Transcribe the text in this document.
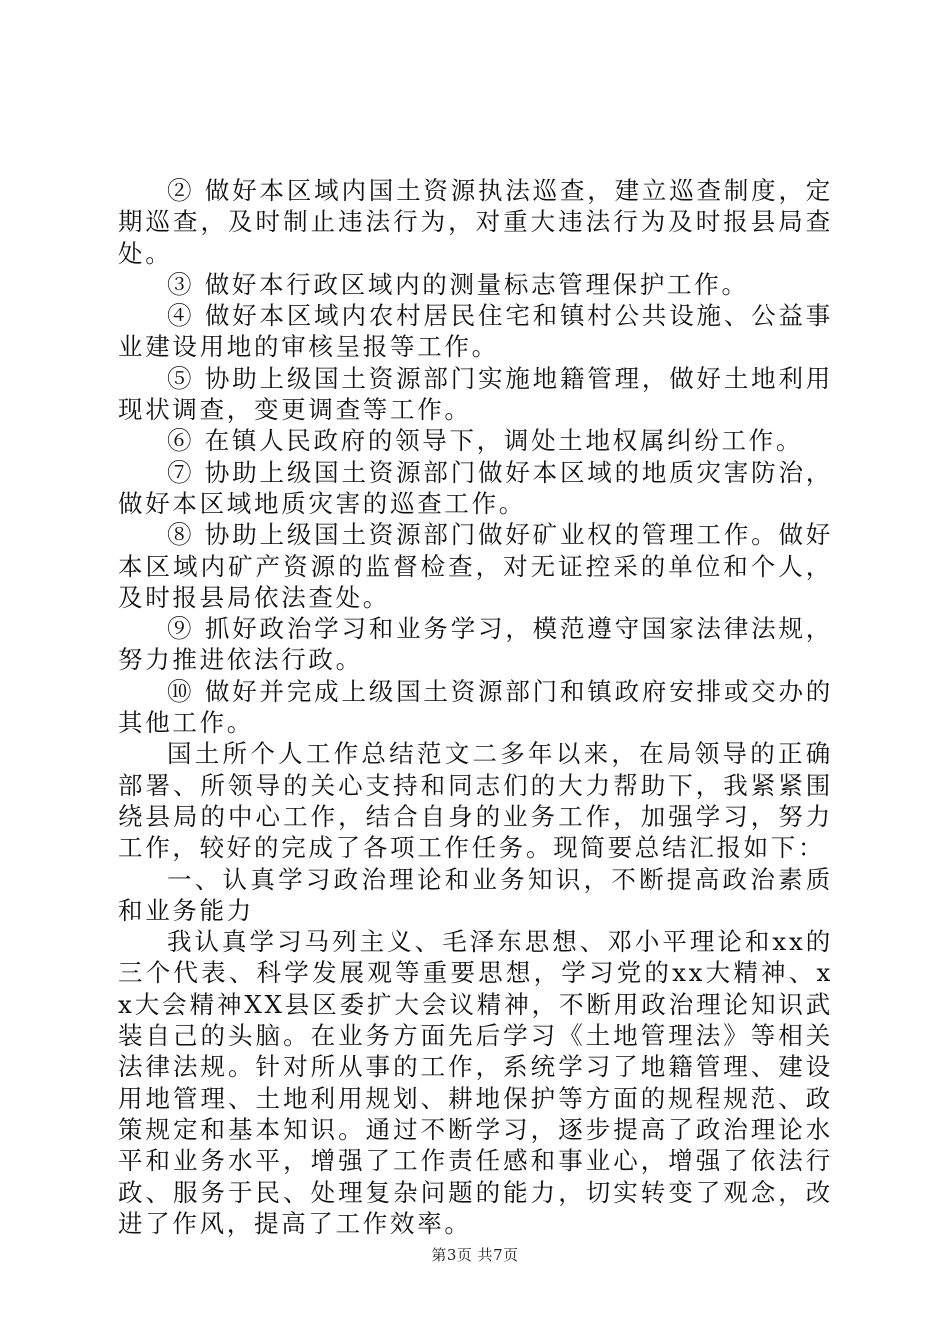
② 做好本区域内国土资源执法巡查，建立巡查制度，定期巡查，及时制止违法行为，对重大违法行为及时报县局查处。

③ 做好本行政区域内的测量标志管理保护工作。

④ 做好本区域内农村居民住宅和镇村公共设施、公益事业建设用地的审核呈报等工作。

⑤ 协助上级国土资源部门实施地籍管理，做好土地利用现状调查，变更调查等工作。

⑥ 在镇人民政府的领导下，调处土地权属纠纷工作。

⑦ 协助上级国土资源部门做好本区域的地质灾害防治，做好本区域地质灾害的巡查工作。

⑧ 协助上级国土资源部门做好矿业权的管理工作。做好本区域内矿产资源的监督检查，对无证控采的单位和个人，及时报县局依法查处。

⑨ 抓好政治学习和业务学习，模范遵守国家法律法规，努力推进依法行政。

⑩ 做好并完成上级国土资源部门和镇政府安排或交办的其他工作。

国土所个人工作总结范文二多年以来，在局领导的正确部署、所领导的关心支持和同志们的大力帮助下，我紧紧围绕县局的中心工作，结合自身的业务工作，加强学习，努力工作，较好的完成了各项工作任务。现简要总结汇报如下：

一、认真学习政治理论和业务知识，不断提高政治素质和业务能力

我认真学习马列主义、毛泽东思想、邓小平理论和xx的三个代表、科学发展观等重要思想，学习党的xx大精神、xx大会精神XX县区委扩大会议精神，不断用政治理论知识武装自己的头脑。在业务方面先后学习《土地管理法》等相关法律法规。针对所从事的工作，系统学习了地籍管理、建设用地管理、土地利用规划、耕地保护等方面的规程规范、政策规定和基本知识。通过不断学习，逐步提高了政治理论水平和业务水平，增强了工作责任感和事业心，增强了依法行政、服务于民、处理复杂问题的能力，切实转变了观念，改进了作风，提高了工作效率。

第3页 共7页
